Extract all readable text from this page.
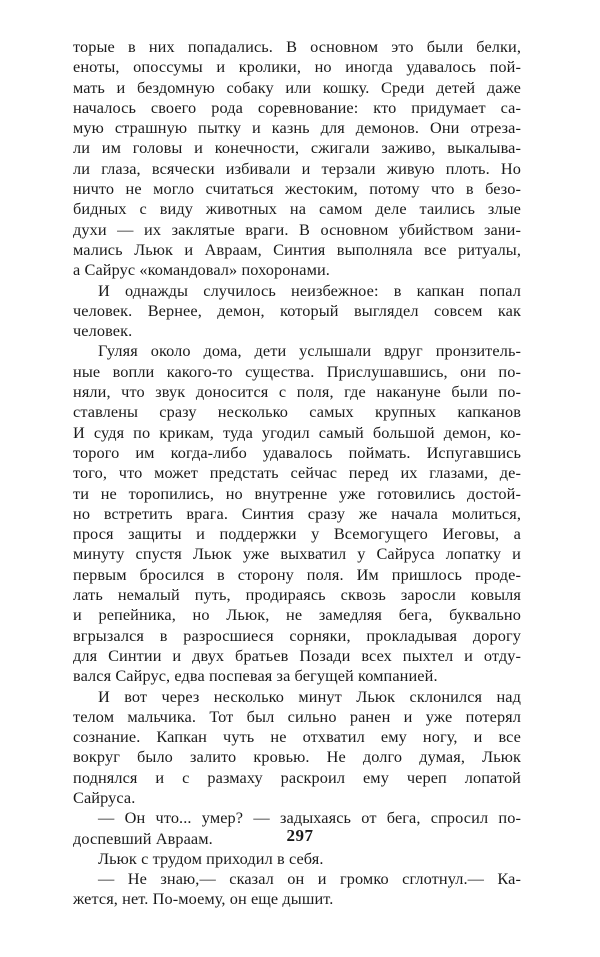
торые в них попадались. В основном это были белки,
еноты, опоссумы и кролики, но иногда удавалось пой-
мать и бездомную собаку или кошку. Среди детей даже
началось своего рода соревнование: кто придумает са-
мую страшную пытку и казнь для демонов. Они отреза-
ли им головы и конечности, сжигали заживо, выкалыва-
ли глаза, всячески избивали и терзали живую плоть. Но
ничто не могло считаться жестоким, потому что в безо-
бидных с виду животных на самом деле таились злые
духи — их заклятые враги. В основном убийством зани-
мались Льюк и Авраам, Синтия выполняла все ритуалы,
а Сайрус «командовал» похоронами.
И однажды случилось неизбежное: в капкан попал
человек. Вернее, демон, который выглядел совсем как
человек.
Гуляя около дома, дети услышали вдруг пронзитель-
ные вопли какого-то существа. Прислушавшись, они по-
няли, что звук доносится с поля, где накануне были по-
ставлены сразу несколько самых крупных капканов
И судя по крикам, туда угодил самый большой демон, ко-
торого им когда-либо удавалось поймать. Испугавшись
того, что может предстать сейчас перед их глазами, де-
ти не торопились, но внутренне уже готовились достой-
но встретить врага. Синтия сразу же начала молиться,
прося защиты и поддержки у Всемогущего Иеговы, а
минуту спустя Льюк уже выхватил у Сайруса лопатку и
первым бросился в сторону поля. Им пришлось проде-
лать немалый путь, продираясь сквозь заросли ковыля
и репейника, но Льюк, не замедляя бега, буквально
вгрызался в разросшиеся сорняки, прокладывая дорогу
для Синтии и двух братьев Позади всех пыхтел и отду-
вался Сайрус, едва поспевая за бегущей компанией.
И вот через несколько минут Льюк склонился над
телом мальчика. Тот был сильно ранен и уже потерял
сознание. Капкан чуть не отхватил ему ногу, и все
вокруг было залито кровью. Не долго думая, Льюк
поднялся и с размаху раскроил ему череп лопатой
Сайруса.
— Он что... умер? — задыхаясь от бега, спросил по-
доспевший Авраам.
Льюк с трудом приходил в себя.
— Не знаю,— сказал он и громко сглотнул.— Ка-
жется, нет. По-моему, он еще дышит.
297
